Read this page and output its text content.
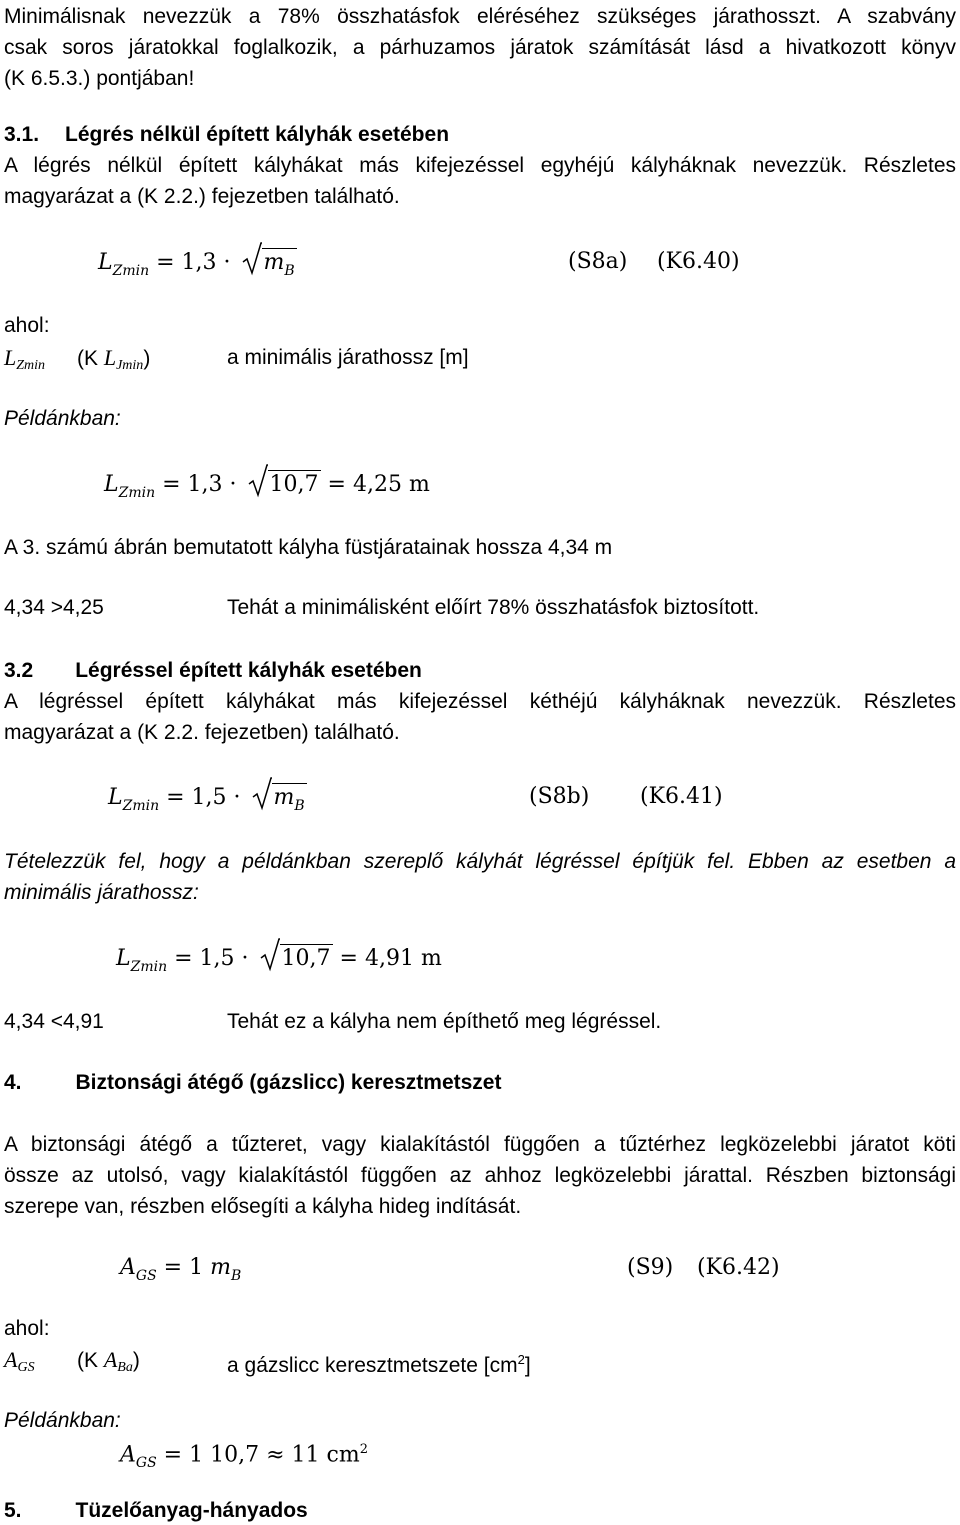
Minimálisnak nevezzük a 78% összhatásfok eléréséhez szükséges járathosszt. A szabvány
csak soros járatokkal foglalkozik, a párhuzamos járatok számítását lásd a hivatkozott könyv
(K 6.5.3.) pontjában!
3.1. Légrés nélkül épített kályhák esetében
A légrés nélkül épített kályhákat más kifejezéssel egyhéjú kályháknak nevezzük. Részletes
magyarázat a (K 2.2.) fejezetben található.
$L_{Zmin} = 1,3 \cdot m_B$	(S8a) (K6.40)
ahol:
LZmin (K LJmin)	a minimális járathossz [m]
Példánkban:
$L_{Zmin} = 1,3 \cdot 10,7 = 4,25$ m
A 3. számú ábrán bemutatott kályha füstjáratainak hossza 4,34 m
4,34 >4,25	Tehát a minimálisként előírt 78% összhatásfok biztosított.
3.2 Légréssel épített kályhák esetében
A légréssel épített kályhákat más kifejezéssel kéthéjú kályháknak nevezzük. Részletes
magyarázat a (K 2.2. fejezetben) található.
$L_{Zmin} = 1,5 \cdot m_B$	(S8b) (K6.41)
Tételezzük fel, hogy a példánkban szereplő kályhát légréssel építjük fel. Ebben az esetben a
minimális járathossz:
$L_{Zmin} = 1,5 \cdot 10,7 = 4,91$ m
4,34 <4,91	Tehát ez a kályha nem építhető meg légréssel.
4.	Biztonsági átégő (gázslicc) keresztmetszet
A biztonsági átégő a tűzteret, vagy kialakítástól függően a tűztérhez legközelebbi járatot köti
össze az utolsó, vagy kialakítástól függően az ahhoz legközelebbi járattal. Részben biztonsági
szerepe van, részben elősegíti a kályha hideg indítását.
$A_{GS} = 1$ $m_B$	(S9) (K6.42)
ahol:
AGS (K ABa)	a gázslicc keresztmetszete $[cm^2]$
Példánkban:
$A_{GS} = 1$ 10,7 ≈ 11 $cm^2$
5.	Tüzelőanyag-hányados
